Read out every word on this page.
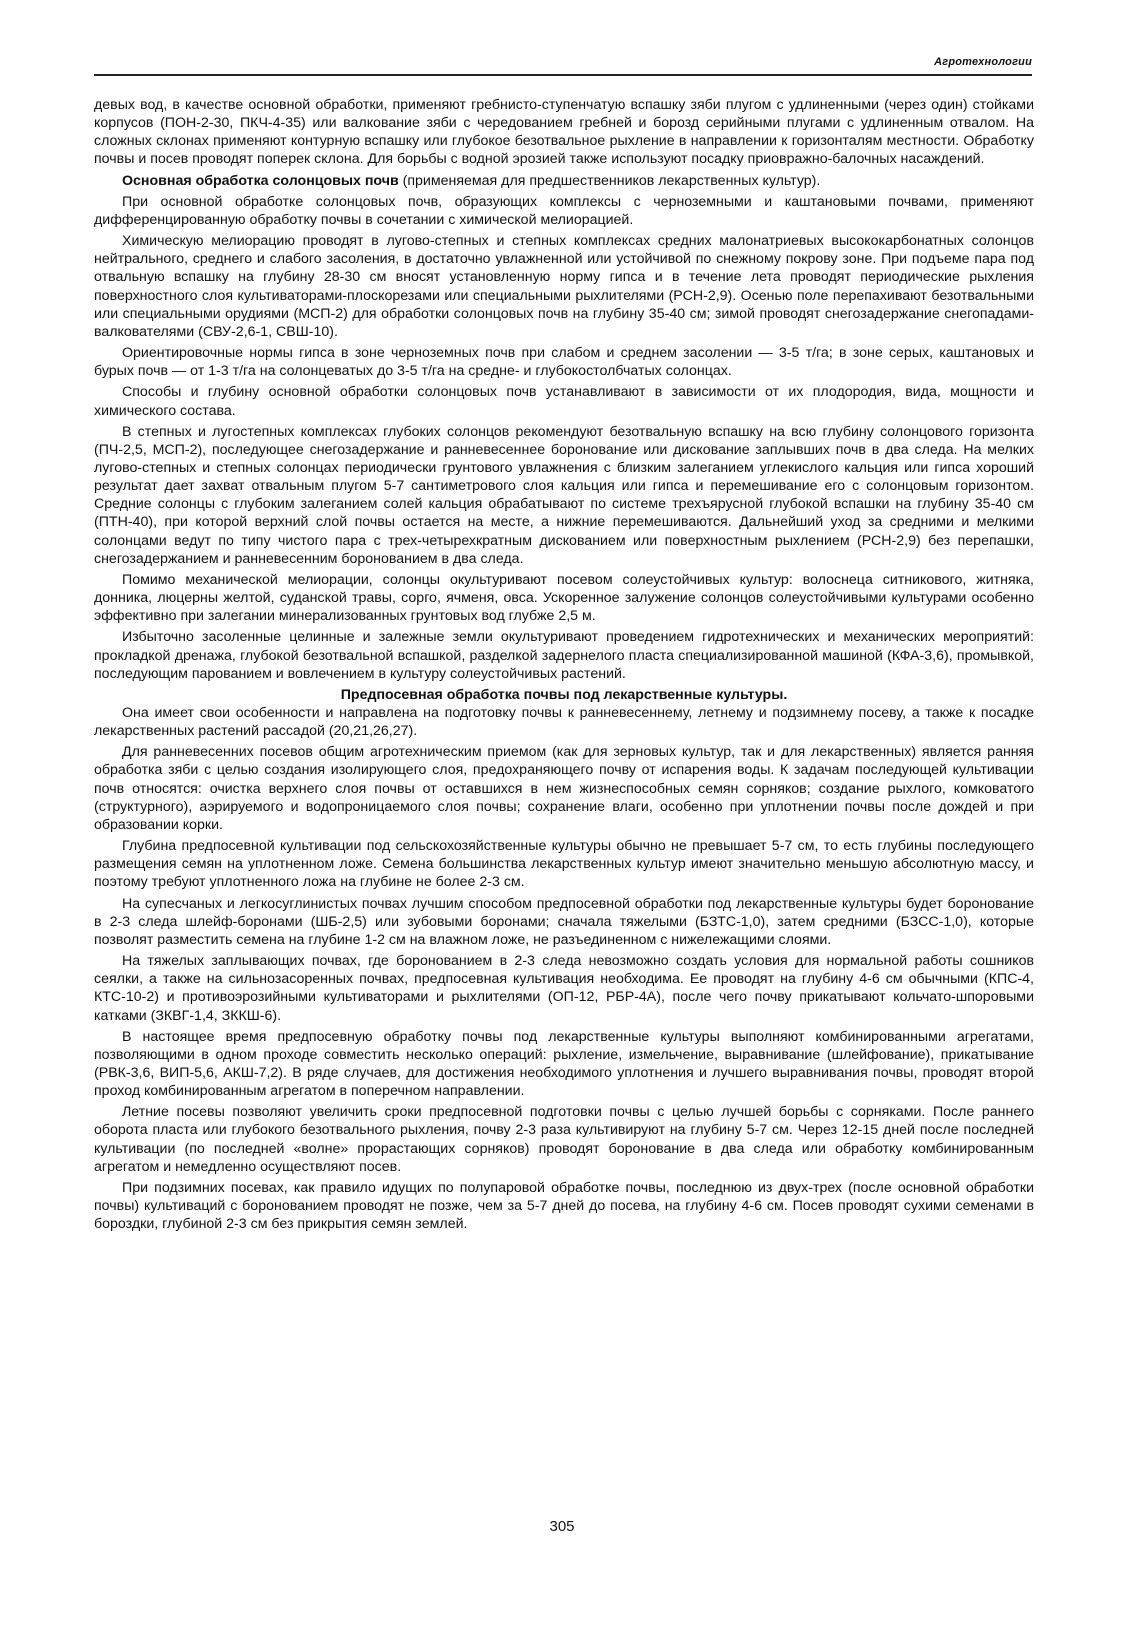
Агротехнологии

девых вод, в качестве основной обработки, применяют гребнисто-ступенчатую вспашку зяби плугом с удлиненными (через один) стойками корпусов (ПОН-2-30, ПКЧ-4-35) или валкование зяби с чередованием гребней и борозд серийными плугами с удлиненным отвалом. На сложных склонах применяют контурную вспашку или глубокое безотвальное рыхление в направлении к горизонталям местности. Обработку почвы и посев проводят поперек склона. Для борьбы с водной эрозией также используют посадку приовражно-балочных насаждений.

Основная обработка солонцовых почв (применяемая для предшественников лекарственных культур).

При основной обработке солонцовых почв, образующих комплексы с черноземными и каштановыми почвами, применяют дифференцированную обработку почвы в сочетании с химической мелиорацией.

Химическую мелиорацию проводят в лугово-степных и степных комплексах средних малонатриевых высококарбонатных солонцов нейтрального, среднего и слабого засоления, в достаточно увлажненной или устойчивой по снежному покрову зоне. При подъеме пара под отвальную вспашку на глубину 28-30 см вносят установленную норму гипса и в течение лета проводят периодические рыхления поверхностного слоя культиваторами-плоскорезами или специальными рыхлителями (РСН-2,9). Осенью поле перепахивают безотвальными или специальными орудиями (МСП-2) для обработки солонцовых почв на глубину 35-40 см; зимой проводят снегозадержание снегопадами-валкователями (СВУ-2,6-1, СВШ-10).

Ориентировочные нормы гипса в зоне черноземных почв при слабом и среднем засолении — 3-5 т/га; в зоне серых, каштановых и бурых почв — от 1-3 т/га на солонцеватых до 3-5 т/га на средне- и глубокостолбчатых солонцах.

Способы и глубину основной обработки солонцовых почв устанавливают в зависимости от их плодородия, вида, мощности и химического состава.

В степных и лугостепных комплексах глубоких солонцов рекомендуют безотвальную вспашку на всю глубину солонцового горизонта (ПЧ-2,5, МСП-2), последующее снегозадержание и ранневесеннее боронование или дискование заплывших почв в два следа. На мелких лугово-степных и степных солонцах периодически грунтового увлажнения с близким залеганием углекислого кальция или гипса хороший результат дает захват отвальным плугом 5-7 сантиметрового слоя кальция или гипса и перемешивание его с солонцовым горизонтом. Средние солонцы с глубоким залеганием солей кальция обрабатывают по системе трехъярусной глубокой вспашки на глубину 35-40 см (ПТН-40), при которой верхний слой почвы остается на месте, а нижние перемешиваются. Дальнейший уход за средними и мелкими солонцами ведут по типу чистого пара с трех-четырехкратным дискованием или поверхностным рыхлением (РСН-2,9) без перепашки, снегозадержанием и ранневесенним боронованием в два следа.

Помимо механической мелиорации, солонцы окультуривают посевом солеустойчивых культур: волоснеца ситникового, житняка, донника, люцерны желтой, суданской травы, сорго, ячменя, овса. Ускоренное залужение солонцов солеустойчивыми культурами особенно эффективно при залегании минерализованных грунтовых вод глубже 2,5 м.

Избыточно засоленные целинные и залежные земли окультуривают проведением гидротехнических и механических мероприятий: прокладкой дренажа, глубокой безотвальной вспашкой, разделкой задернелого пласта специализированной машиной (КФА-3,6), промывкой, последующим парованием и вовлечением в культуру солеустойчивых растений.

Предпосевная обработка почвы под лекарственные культуры.

Она имеет свои особенности и направлена на подготовку почвы к ранневесеннему, летнему и подзимнему посеву, а также к посадке лекарственных растений рассадой (20,21,26,27).

Для ранневесенних посевов общим агротехническим приемом (как для зерновых культур, так и для лекарственных) является ранняя обработка зяби с целью создания изолирующего слоя, предохраняющего почву от испарения воды. К задачам последующей культивации почв относятся: очистка верхнего слоя почвы от оставшихся в нем жизнеспособных семян сорняков; создание рыхлого, комковатого (структурного), аэрируемого и водопроницаемого слоя почвы; сохранение влаги, особенно при уплотнении почвы после дождей и при образовании корки.

Глубина предпосевной культивации под сельскохозяйственные культуры обычно не превышает 5-7 см, то есть глубины последующего размещения семян на уплотненном ложе. Семена большинства лекарственных культур имеют значительно меньшую абсолютную массу, и поэтому требуют уплотненного ложа на глубине не более 2-3 см.

На супесчаных и легкосуглинистых почвах лучшим способом предпосевной обработки под лекарственные культуры будет боронование в 2-3 следа шлейф-боронами (ШБ-2,5) или зубовыми боронами; сначала тяжелыми (БЗТС-1,0), затем средними (БЗСС-1,0), которые позволят разместить семена на глубине 1-2 см на влажном ложе, не разъединенном с нижележащими слоями.

На тяжелых заплывающих почвах, где боронованием в 2-3 следа невозможно создать условия для нормальной работы сошников сеялки, а также на сильнозасоренных почвах, предпосевная культивация необходима. Ее проводят на глубину 4-6 см обычными (КПС-4, КТС-10-2) и противоэрозийными культиваторами и рыхлителями (ОП-12, РБР-4А), после чего почву прикатывают кольчато-шпоровыми катками (ЗКВГ-1,4, ЗККШ-6).

В настоящее время предпосевную обработку почвы под лекарственные культуры выполняют комбинированными агрегатами, позволяющими в одном проходе совместить несколько операций: рыхление, измельчение, выравнивание (шлейфование), прикатывание (РВК-3,6, ВИП-5,6, АКШ-7,2). В ряде случаев, для достижения необходимого уплотнения и лучшего выравнивания почвы, проводят второй проход комбинированным агрегатом в поперечном направлении.

Летние посевы позволяют увеличить сроки предпосевной подготовки почвы с целью лучшей борьбы с сорняками. После раннего оборота пласта или глубокого безотвального рыхления, почву 2-3 раза культивируют на глубину 5-7 см. Через 12-15 дней после последней культивации (по последней «волне» прорастающих сорняков) проводят боронование в два следа или обработку комбинированным агрегатом и немедленно осуществляют посев.

При подзимних посевах, как правило идущих по полупаровой обработке почвы, последнюю из двух-трех (после основной обработки почвы) культиваций с боронованием проводят не позже, чем за 5-7 дней до посева, на глубину 4-6 см. Посев проводят сухими семенами в бороздки, глубиной 2-3 см без прикрытия семян землей.

305
